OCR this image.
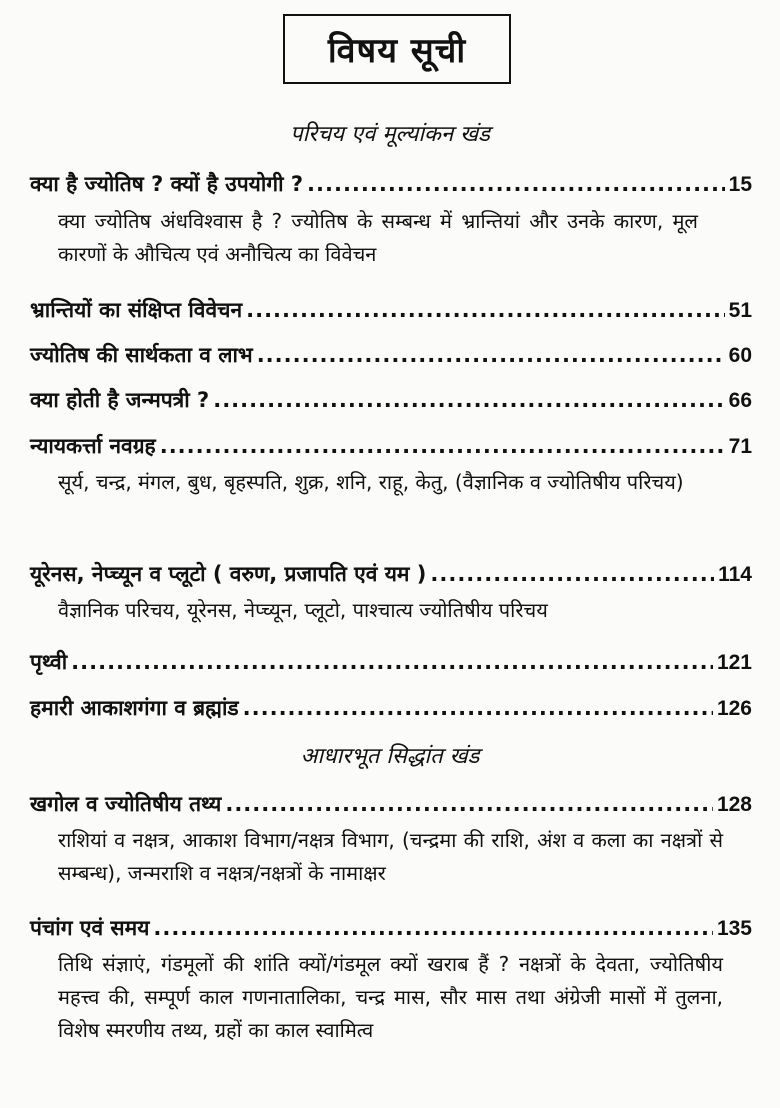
विषय सूची
परिचय एवं मूल्यांकन खंड
क्या है ज्योतिष ? क्यों है उपयोगी ? .....	15
क्या ज्योतिष अंधविश्वास है ? ज्योतिष के सम्बन्ध में भ्रान्तियां और उनके कारण, मूल कारणों के औचित्य एवं अनौचित्य का विवेचन
भ्रान्तियों का संक्षिप्त विवेचन .....	51
ज्योतिष की सार्थकता व लाभ .....	60
क्या होती है जन्मपत्री ? .....	66
न्यायकर्त्ता नवग्रह .....	71
सूर्य, चन्द्र, मंगल, बुध, बृहस्पति, शुक्र, शनि, राहू, केतु, (वैज्ञानिक व ज्योतिषीय परिचय)
यूरेनस, नेप्च्यून व प्लूटो ( वरुण, प्रजापति एवं यम ) .....	114
वैज्ञानिक परिचय, यूरेनस, नेप्च्यून, प्लूटो, पाश्चात्य ज्योतिषीय परिचय
पृथ्वी .....	121
हमारी आकाशगंगा व ब्रह्मांड .....	126
आधारभूत सिद्धांत खंड
खगोल व ज्योतिषीय तथ्य .....	128
राशियां व नक्षत्र, आकाश विभाग/नक्षत्र विभाग, (चन्द्रमा की राशि, अंश व कला का नक्षत्रों से सम्बन्ध), जन्मराशि व नक्षत्र/नक्षत्रों के नामाक्षर
पंचांग एवं समय .....	135
तिथि संज्ञाएं, गंडमूलों की शांति क्यों/गंडमूल क्यों खराब हैं ? नक्षत्रों के देवता, ज्योतिषीय महत्त्व की, सम्पूर्ण काल गणनातालिका, चन्द्र मास, सौर मास तथा अंग्रेजी मासों में तुलना, विशेष स्मरणीय तथ्य, ग्रहों का काल स्वामित्व
